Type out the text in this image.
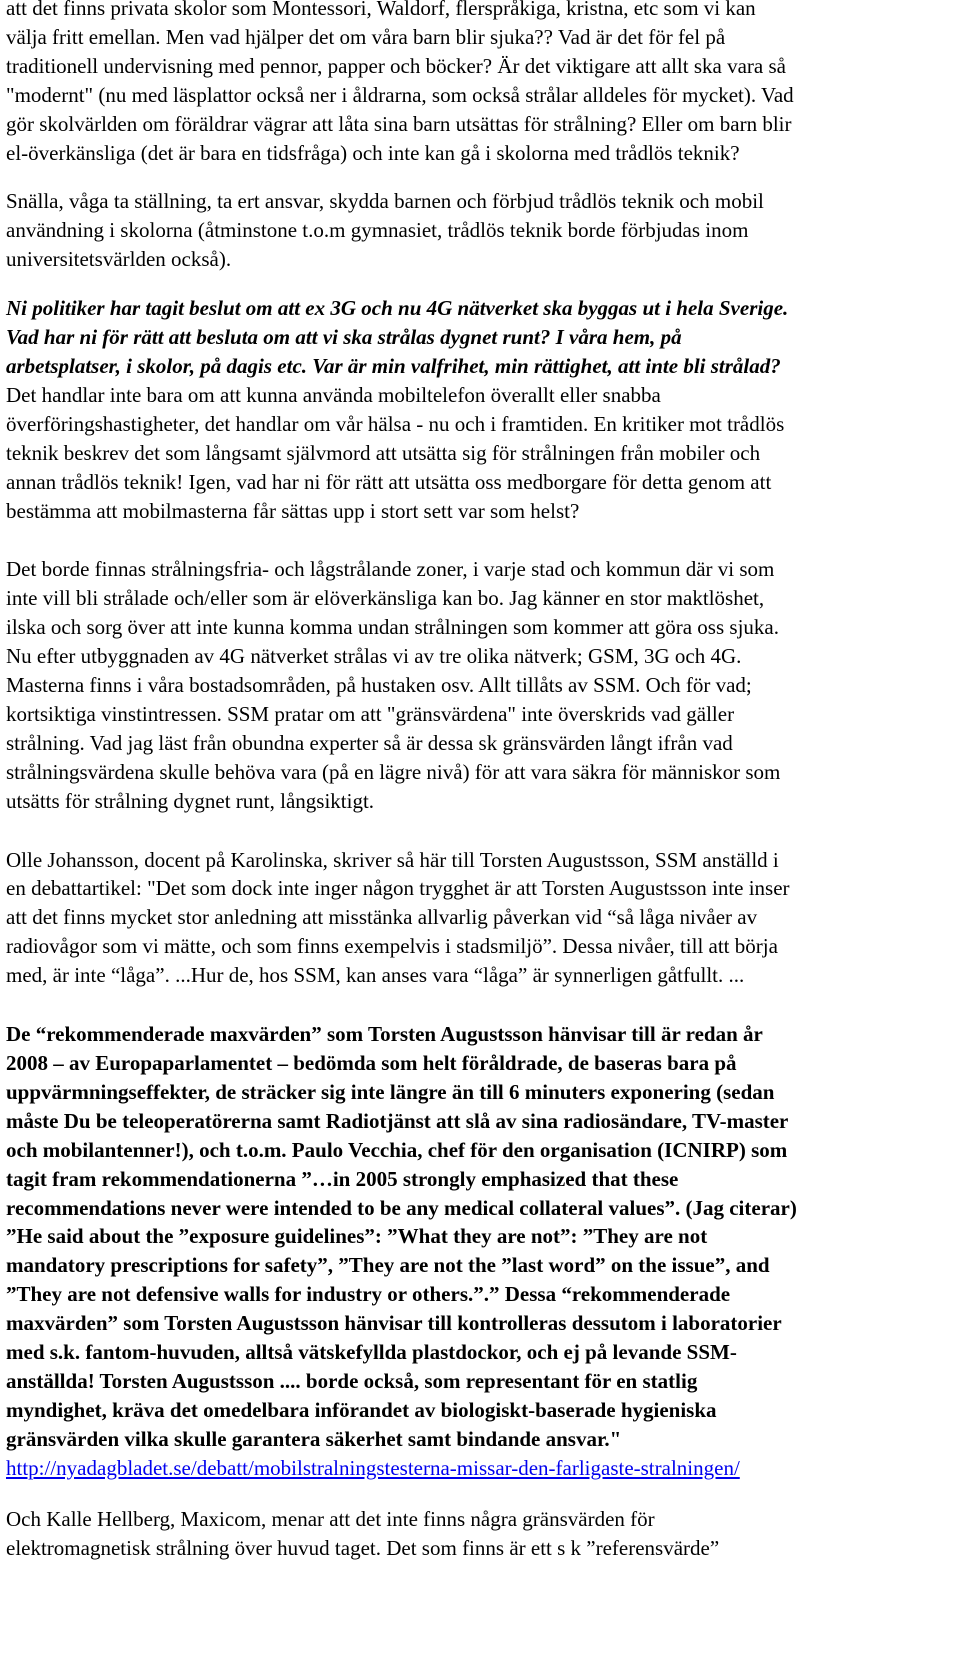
att det finns privata skolor som Montessori, Waldorf, flerspråkiga, kristna, etc som vi kan
välja fritt emellan. Men vad hjälper det om våra barn blir sjuka?? Vad är det för fel på
traditionell undervisning med pennor, papper och böcker? Är det viktigare att allt ska vara så
"modernt" (nu med läsplattor också ner i åldrarna, som också strålar alldeles för mycket). Vad
gör skolvärlden om föräldrar vägrar att låta sina barn utsättas för strålning? Eller om barn blir
el-överkänsliga (det är bara en tidsfråga) och inte kan gå i skolorna med trådlös teknik?

Snälla, våga ta ställning, ta ert ansvar, skydda barnen och förbjud trådlös teknik och mobil
användning i skolorna (åtminstone t.o.m gymnasiet, trådlös teknik borde förbjudas inom
universitetsvärlden också).

Ni politiker har tagit beslut om att ex 3G och nu 4G nätverket ska byggas ut i hela Sverige.
Vad har ni för rätt att besluta om att vi ska strålas dygnet runt? I våra hem, på
arbetsplatser, i skolor, på dagis etc. Var är min valfrihet, min rättighet, att inte bli strålad?
Det handlar inte bara om att kunna använda mobiltelefon överallt eller snabba
överföringshastigheter, det handlar om vår hälsa - nu och i framtiden. En kritiker mot trådlös
teknik beskrev det som långsamt självmord att utsätta sig för strålningen från mobiler och
annan trådlös teknik! Igen, vad har ni för rätt att utsätta oss medborgare för detta genom att
bestämma att mobilmasterna får sättas upp i stort sett var som helst?

Det borde finnas strålningsfria- och lågstrålande zoner, i varje stad och kommun där vi som
inte vill bli strålade och/eller som är elöverkänsliga kan bo. Jag känner en stor maktlöshet,
ilska och sorg över att inte kunna komma undan strålningen som kommer att göra oss sjuka.
Nu efter utbyggnaden av 4G nätverket strålas vi av tre olika nätverk; GSM, 3G och 4G.
Masterna finns i våra bostadsområden, på hustaken osv. Allt tillåts av SSM. Och för vad;
kortsiktiga vinstintressen. SSM pratar om att "gränsvärdena" inte överskrids vad gäller
strålning. Vad jag läst från obundna experter så är dessa sk gränsvärden långt ifrån vad
strålningsvärdena skulle behöva vara (på en lägre nivå) för att vara säkra för människor som
utsätts för strålning dygnet runt, långsiktigt.

Olle Johansson, docent på Karolinska, skriver så här till Torsten Augustsson, SSM anställd i
en debattartikel: "Det som dock inte inger någon trygghet är att Torsten Augustsson inte inser
att det finns mycket stor anledning att misstänka allvarlig påverkan vid “så låga nivåer av
radiovågor som vi mätte, och som finns exempelvis i stadsmiljö”. Dessa nivåer, till att börja
med, är inte “låga”. ...Hur de, hos SSM, kan anses vara “låga” är synnerligen gåtfullt. ...

De “rekommenderade maxvärden” som Torsten Augustsson hänvisar till är redan år
2008 – av Europaparlamentet – bedömda som helt föråldrade, de baseras bara på
uppvärmningseffekter, de sträcker sig inte längre än till 6 minuters exponering (sedan
måste Du be teleoperatörerna samt Radiotjänst att slå av sina radiosändare, TV-master
och mobilantenner!), och t.o.m. Paulo Vecchia, chef för den organisation (ICNIRP) som
tagit fram rekommendationerna ”…in 2005 strongly emphasized that these
recommendations never were intended to be any medical collateral values”. (Jag citerar)
”He said about the ”exposure guidelines”: ”What they are not”: ”They are not
mandatory prescriptions for safety”, ”They are not the ”last word” on the issue”, and
”They are not defensive walls for industry or others.”.” Dessa “rekommenderade
maxvärden” som Torsten Augustsson hänvisar till kontrolleras dessutom i laboratorier
med s.k. fantom-huvuden, alltså vätskefyllda plastdockor, och ej på levande SSM-
anställda! Torsten Augustsson .... borde också, som representant för en statlig
myndighet, kräva det omedelbara införandet av biologiskt-baserade hygieniska
gränsvärden vilka skulle garantera säkerhet samt bindande ansvar."

http://nyadagbladet.se/debatt/mobilstralningstesterna-missar-den-farligaste-stralningen/

Och Kalle Hellberg, Maxicom, menar att det inte finns några gränsvärden för
elektromagnetisk strålning över huvud taget. Det som finns är ett s k ”referensvärde”
